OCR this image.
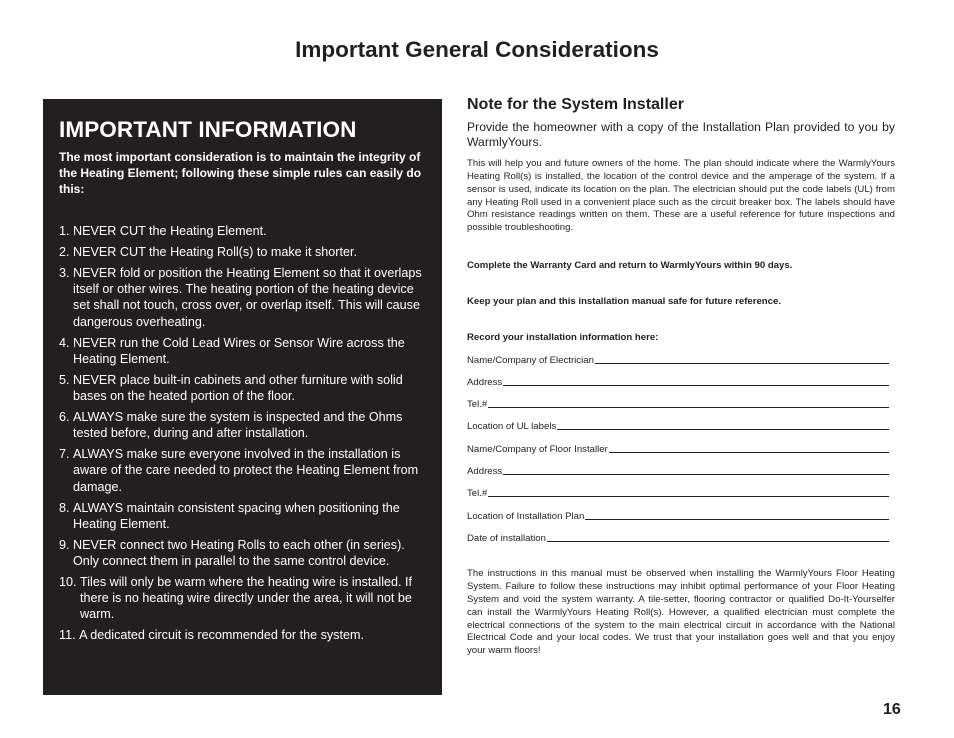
Important General Considerations
IMPORTANT INFORMATION

The most important consideration is to maintain the integrity of the Heating Element; following these simple rules can easily do this:

1. NEVER CUT the Heating Element.
2. NEVER CUT the Heating Roll(s) to make it shorter.
3. NEVER fold or position the Heating Element so that it overlaps itself or other wires. The heating portion of the heating device set shall not touch, cross over, or overlap itself. This will cause dangerous overheating.
4. NEVER run the Cold Lead Wires or Sensor Wire across the Heating Element.
5. NEVER place built-in cabinets and other furniture with solid bases on the heated portion of the floor.
6. ALWAYS make sure the system is inspected and the Ohms tested before, during and after installation.
7. ALWAYS make sure everyone involved in the installation is aware of the care needed to protect the Heating Element from damage.
8. ALWAYS maintain consistent spacing when positioning the Heating Element.
9. NEVER connect two Heating Rolls to each other (in series). Only connect them in parallel to the same control device.
10. Tiles will only be warm where the heating wire is installed. If there is no heating wire directly under the area, it will not be warm.
11. A dedicated circuit is recommended for the system.
Note for the System Installer

Provide the homeowner with a copy of the Installation Plan provided to you by WarmlyYours.

This will help you and future owners of the home. The plan should indicate where the WarmlyYours Heating Roll(s) is installed, the location of the control device and the amperage of the system. If a sensor is used, indicate its location on the plan. The electrician should put the code labels (UL) from any Heating Roll used in a convenient place such as the circuit breaker box. The labels should have Ohm resistance readings written on them. These are a useful reference for future inspections and possible troubleshooting.

Complete the Warranty Card and return to WarmlyYours within 90 days.

Keep your plan and this installation manual safe for future reference.

Record your installation information here:

Name/Company of Electrician
Address
Tel.#
Location of UL labels
Name/Company of Floor Installer
Address
Tel.#
Location of Installation Plan
Date of installation

The instructions in this manual must be observed when installing the WarmlyYours Floor Heating System. Failure to follow these instructions may inhibit optimal performance of your Floor Heating System and void the system warranty. A tile-setter, flooring contractor or qualified Do-It-Yourselfer can install the WarmlyYours Heating Roll(s). However, a qualified electrician must complete the electrical connections of the system to the main electrical circuit in accordance with the National Electrical Code and your local codes. We trust that your installation goes well and that you enjoy your warm floors!

16
